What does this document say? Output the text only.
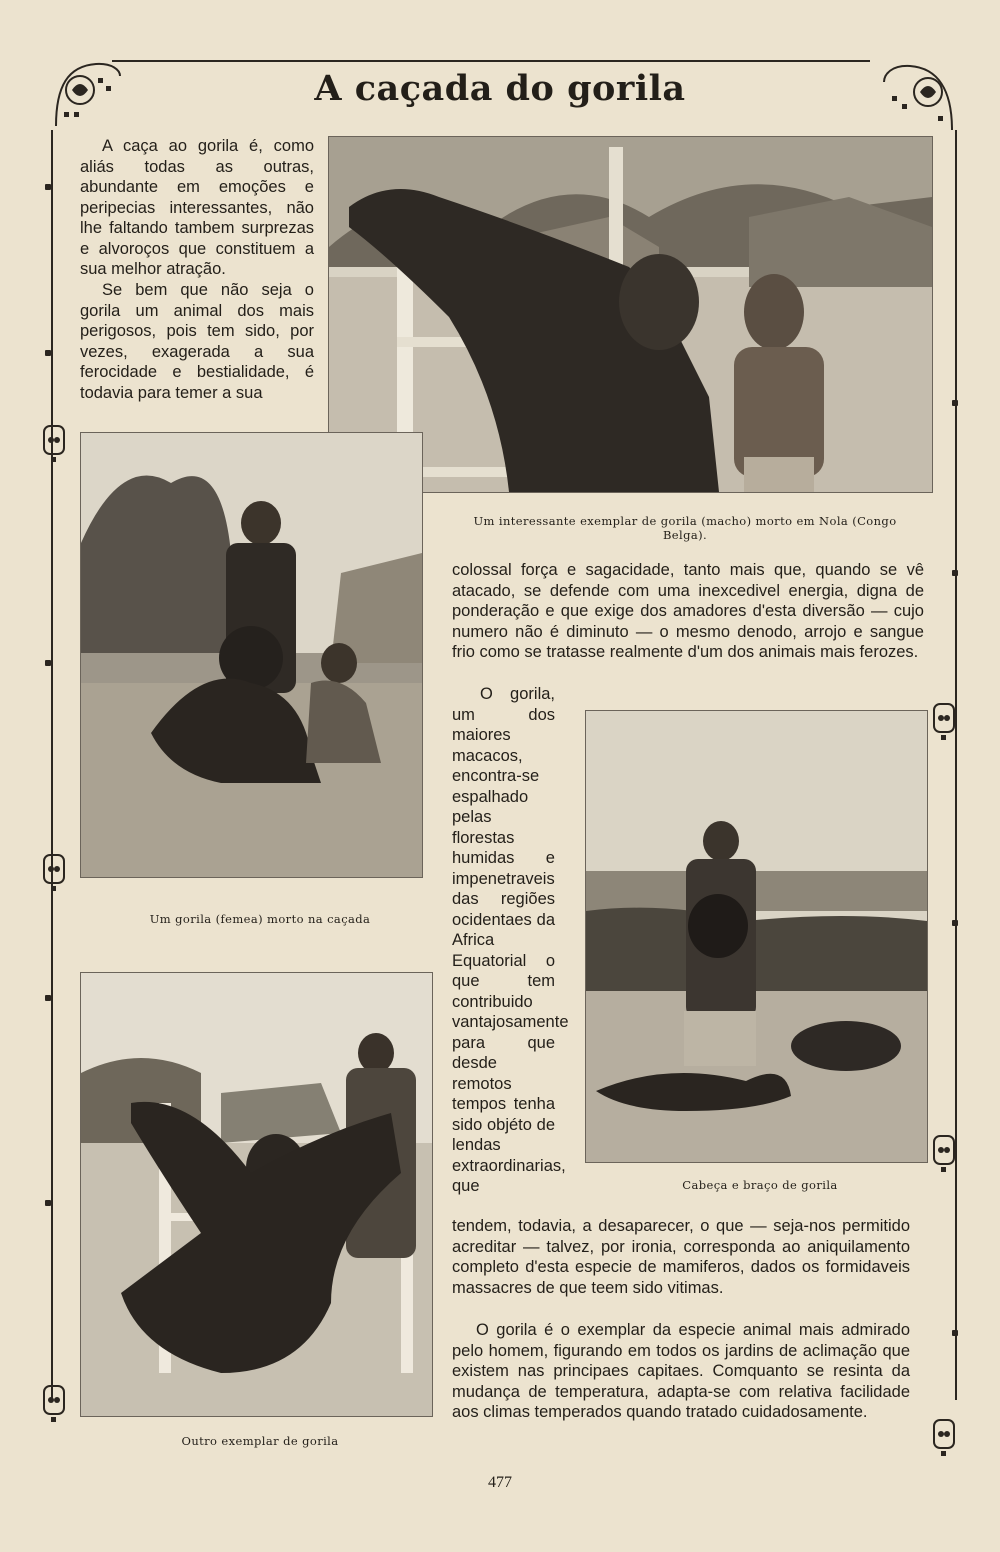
A caçada do gorila
Um interessante exemplar de gorila (macho) morto em Nola (Congo Belga).

A caça ao gorila é, como aliás todas as outras, abundante em emoções e peripecias interessantes, não lhe faltando tambem surprezas e alvoroços que constituem a sua melhor atração.

Se bem que não seja o gorila um animal dos mais perigosos, pois tem sido, por vezes, exagerada a sua ferocidade e bestialidade, é todavia para temer a sua

Um gorila (femea) morto na caçada
Outro exemplar de gorila

colossal força e sagacidade, tanto mais que, quando se vê atacado, se defende com uma inexcedivel energia, digna de ponderação e que exige dos amadores d'esta diversão — cujo numero não é diminuto — o mesmo denodo, arrojo e sangue frio como se tratasse realmente d'um dos animais mais ferozes.

O gorila, um dos maiores macacos, encontra-se espalhado pelas florestas humidas e impenetraveis das regiões ocidentaes da Africa Equatorial o que tem contribuido vantajosamente para que desde remotos tempos tenha sido objéto de lendas extraordinarias, que	Cabeça e braço de gorila

tendem, todavia, a desaparecer, o que — seja-nos permitido acreditar — talvez, por ironia, corresponda ao aniquilamento completo d'esta especie de mamiferos, dados os formidaveis massacres de que teem sido vitimas.

O gorila é o exemplar da especie animal mais admirado pelo homem, figurando em todos os jardins de aclimação que existem nas principaes capitaes. Comquanto se resinta da mudança de temperatura, adapta-se com relativa facilidade aos climas temperados quando tratado cuidadosamente.

477
